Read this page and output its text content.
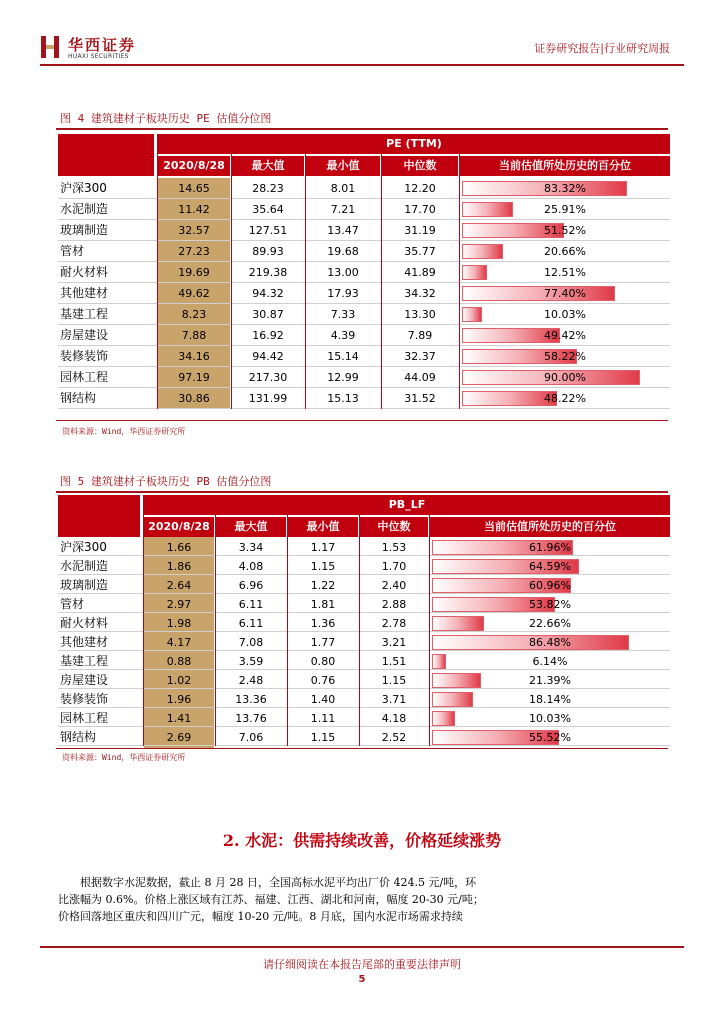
华西证券
HUAXI SECURITIES
证券研究报告|行业研究周报
图 4 建筑建材子板块历史 PE 估值分位图
PE (TTM)
2020/8/28	最大值	最小值	中位数	当前估值所处历史的百分位
沪深300	14.65	28.23	8.01	12.20	83.32%
水泥制造	11.42	35.64	7.21	17.70	25.91%
玻璃制造	32.57	127.51	13.47	31.19	51.52%
管材	27.23	89.93	19.68	35.77	20.66%
耐火材料	19.69	219.38	13.00	41.89	12.51%
其他建材	49.62	94.32	17.93	34.32	77.40%
基建工程	8.23	30.87	7.33	13.30	10.03%
房屋建设	7.88	16.92	4.39	7.89	49.42%
装修装饰	34.16	94.42	15.14	32.37	58.22%
园林工程	97.19	217.30	12.99	44.09	90.00%
钢结构	30.86	131.99	15.13	31.52	48.22%
资料来源：Wind，华西证券研究所
图 5 建筑建材子板块历史 PB 估值分位图
PB_LF
2020/8/28	最大值	最小值	中位数	当前估值所处历史的百分位
沪深300	1.66	3.34	1.17	1.53	61.96%
水泥制造	1.86	4.08	1.15	1.70	64.59%
玻璃制造	2.64	6.96	1.22	2.40	60.96%
管材	2.97	6.11	1.81	2.88	53.82%
耐火材料	1.98	6.11	1.36	2.78	22.66%
其他建材	4.17	7.08	1.77	3.21	86.48%
基建工程	0.88	3.59	0.80	1.51	6.14%
房屋建设	1.02	2.48	0.76	1.15	21.39%
装修装饰	1.96	13.36	1.40	3.71	18.14%
园林工程	1.41	13.76	1.11	4.18	10.03%
钢结构	2.69	7.06	1.15	2.52	55.52%
资料来源：Wind，华西证券研究所
2. 水泥：供需持续改善，价格延续涨势
根据数字水泥数据，截止 8 月 28 日，全国高标水泥平均出厂价 424.5 元/吨，环
比涨幅为 0.6%。价格上涨区域有江苏、福建、江西、湖北和河南，幅度 20-30 元/吨；
价格回落地区重庆和四川广元，幅度 10-20 元/吨。8 月底，国内水泥市场需求持续
请仔细阅读在本报告尾部的重要法律声明
5
